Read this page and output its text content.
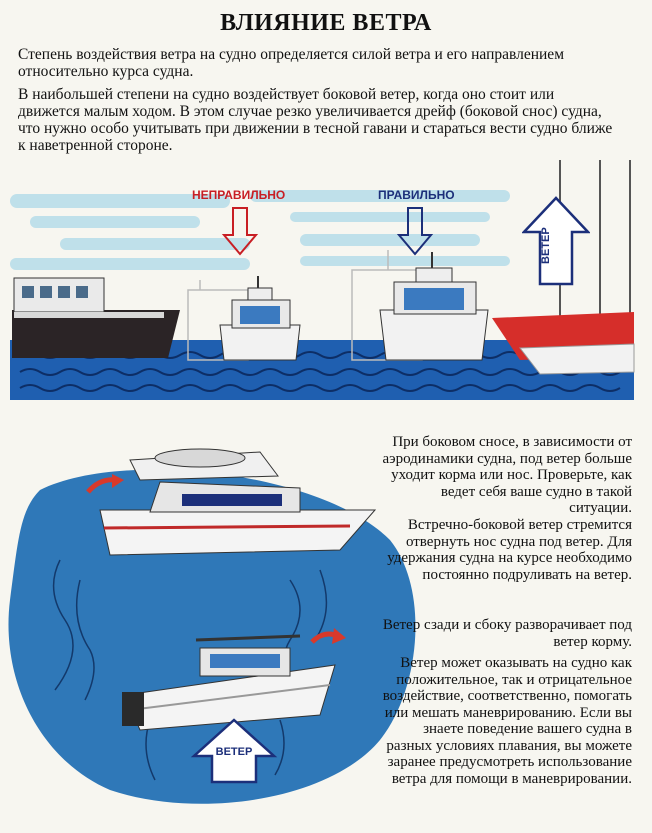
ВЛИЯНИЕ ВЕТРА
Степень воздействия ветра на судно определяется силой ветра и его направлением относительно курса судна.
В наибольшей степени на судно воздействует боковой ветер, когда оно стоит или движется малым ходом. В этом случае резко увеличивается дрейф (боковой снос) судна, что нужно особо учитывать при движении в тесной гавани и стараться вести судно ближе к наветренной стороне.
НЕПРАВИЛЬНО	ПРАВИЛЬНО
ВЕТЕР
ВЕТЕР
При боковом сносе, в зависимости от аэродинамики судна, под ветер больше уходит корма или нос. Проверьте, как ведет себя ваше судно в такой ситуации.
Встречно-боковой ветер стремится отвернуть нос судна под ветер. Для удержания судна на курсе необходимо постоянно подруливать на ветер.
Ветер сзади и сбоку разворачивает под ветер корму.
Ветер может оказывать на судно как положительное, так и отрицательное воздействие, соответственно, помогать или мешать маневрированию. Если вы знаете поведение вашего судна в разных условиях плавания, вы можете заранее предусмотреть использование ветра для помощи в маневрировании.
